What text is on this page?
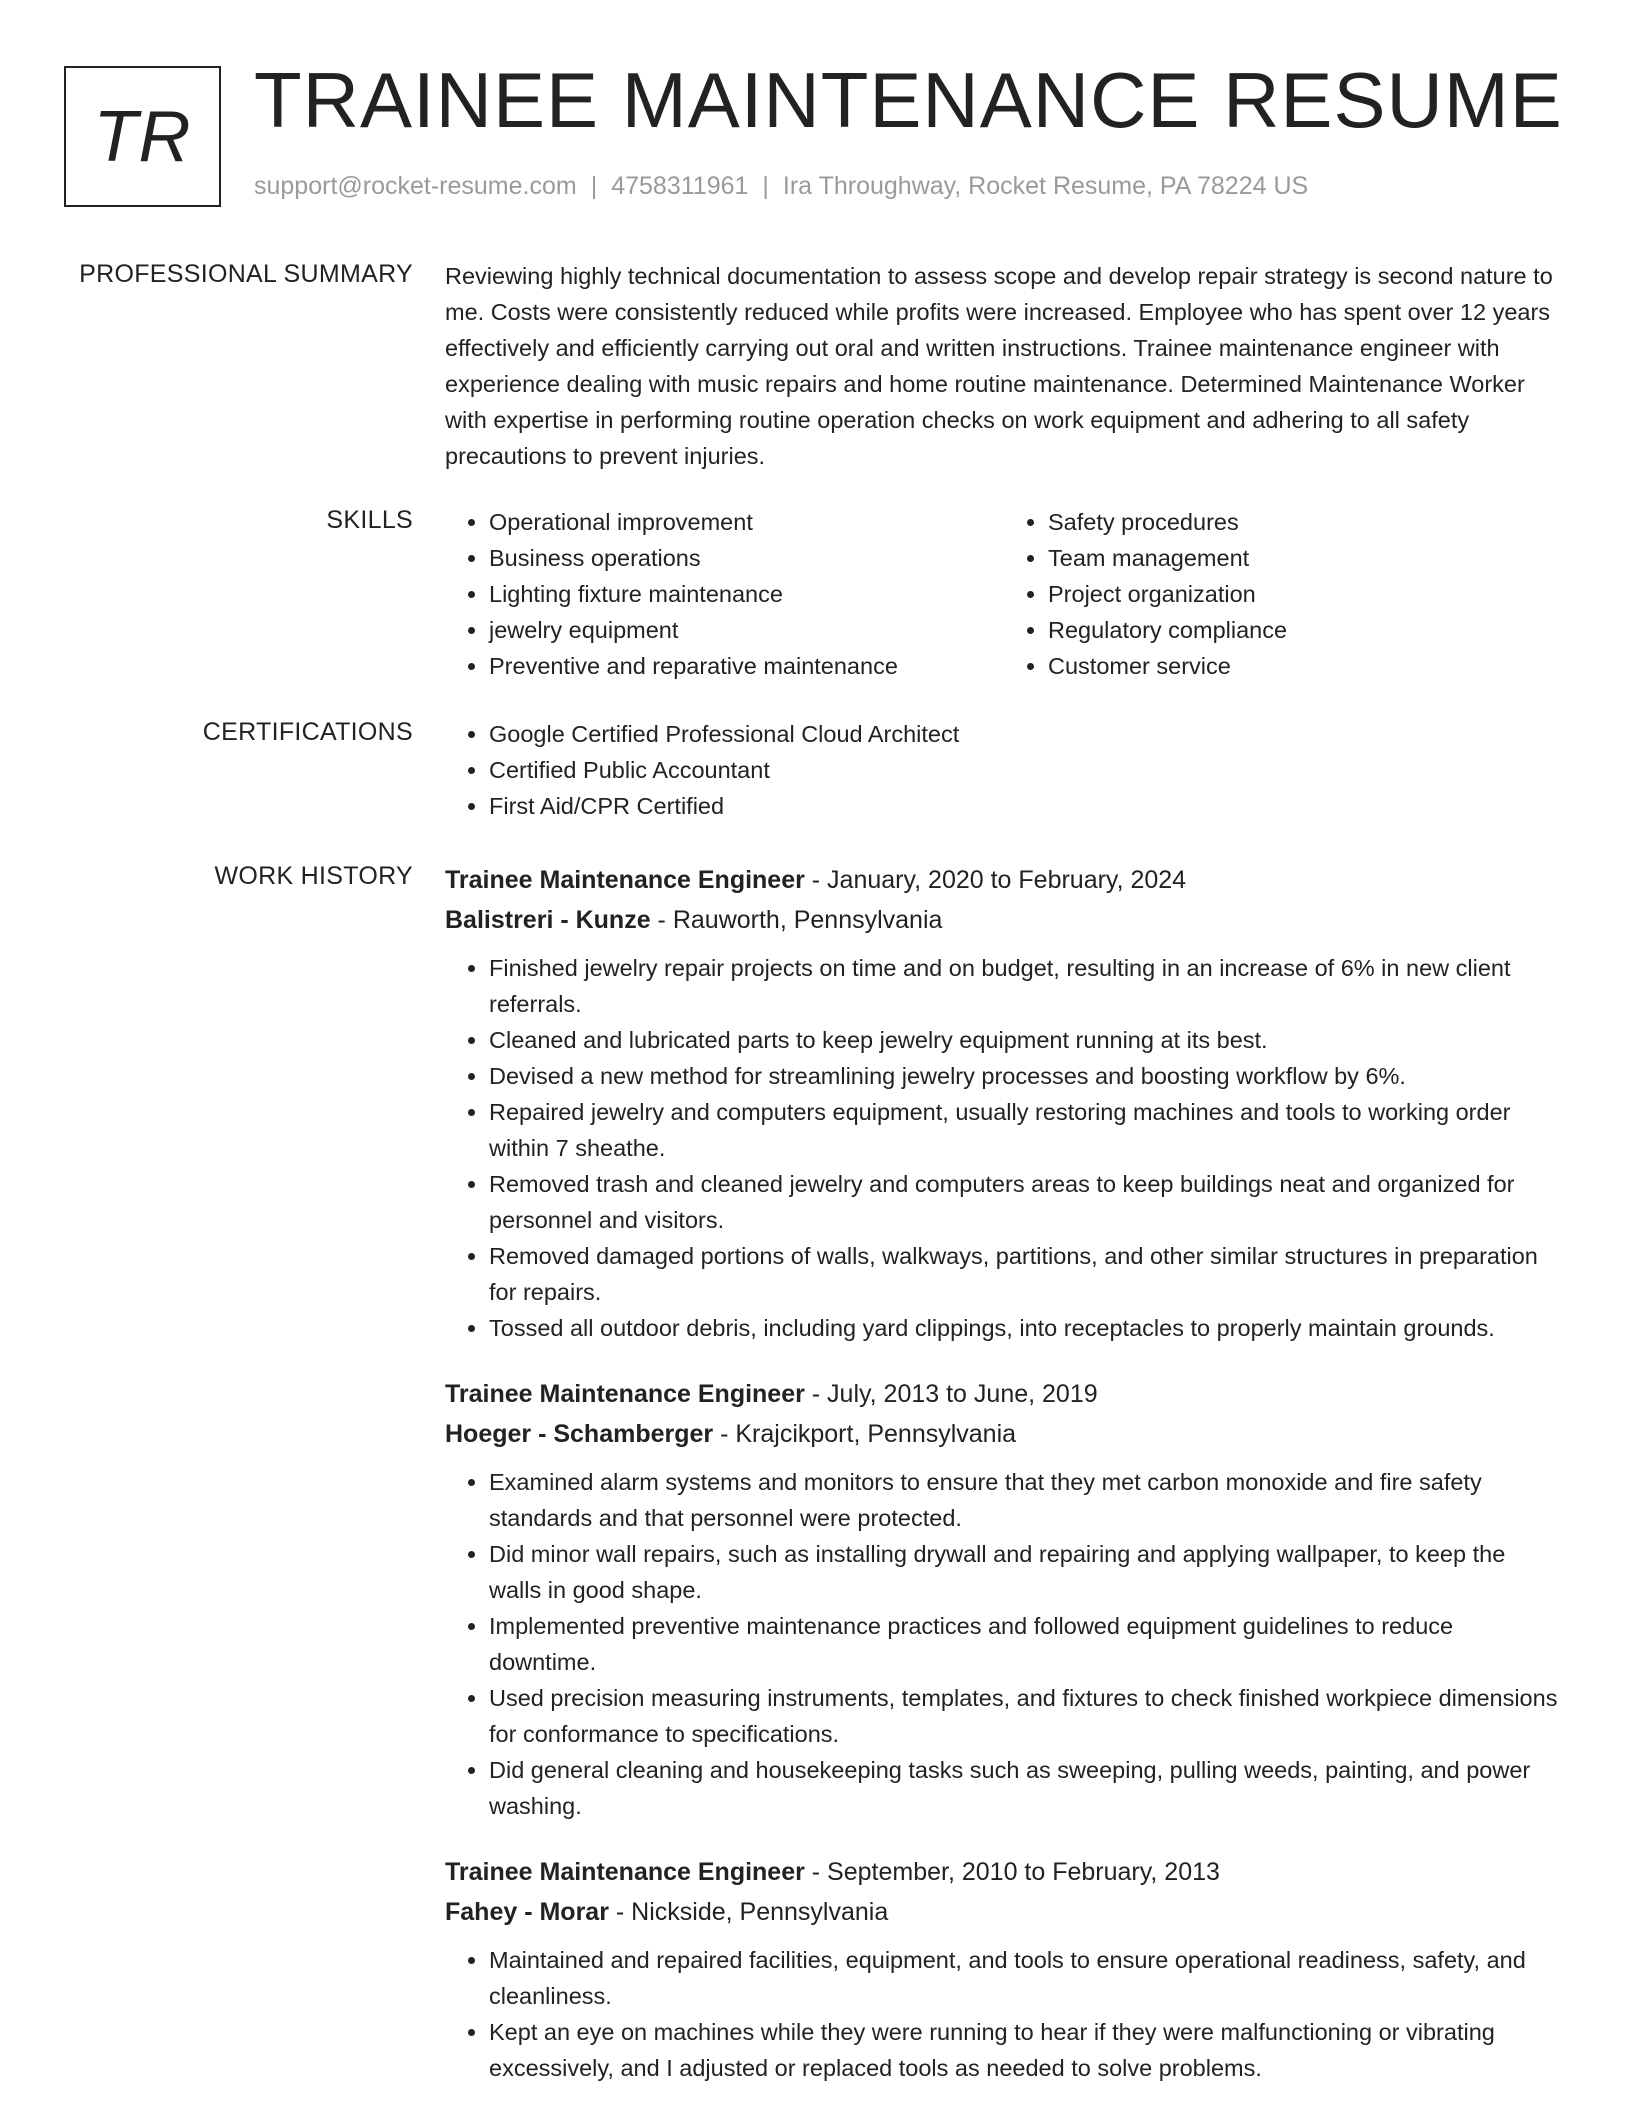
TR TRAINEE MAINTENANCE RESUME
support@rocket-resume.com | 4758311961 | Ira Throughway, Rocket Resume, PA 78224 US
PROFESSIONAL SUMMARY Reviewing highly technical documentation to assess scope and develop repair strategy is second nature to me. Costs were consistently reduced while profits were increased. Employee who has spent over 12 years effectively and efficiently carrying out oral and written instructions. Trainee maintenance engineer with experience dealing with music repairs and home routine maintenance. Determined Maintenance Worker with expertise in performing routine operation checks on work equipment and adhering to all safety precautions to prevent injuries.
SKILLS	• Operational improvement
• Business operations
• Lighting fixture maintenance
• jewelry equipment
• Preventive and reparative maintenance
• Safety procedures
• Team management
• Project organization
• Regulatory compliance
• Customer service
CERTIFICATIONS	• Google Certified Professional Cloud Architect
• Certified Public Accountant
• First Aid/CPR Certified
WORK HISTORY Trainee Maintenance Engineer - January, 2020 to February, 2024
Balistreri - Kunze - Rauworth, Pennsylvania
• Finished jewelry repair projects on time and on budget, resulting in an increase of 6% in new client referrals.
• Cleaned and lubricated parts to keep jewelry equipment running at its best.
• Devised a new method for streamlining jewelry processes and boosting workflow by 6%.
• Repaired jewelry and computers equipment, usually restoring machines and tools to working order within 7 sheathe.
• Removed trash and cleaned jewelry and computers areas to keep buildings neat and organized for personnel and visitors.
• Removed damaged portions of walls, walkways, partitions, and other similar structures in preparation for repairs.
• Tossed all outdoor debris, including yard clippings, into receptacles to properly maintain grounds.
Trainee Maintenance Engineer - July, 2013 to June, 2019
Hoeger - Schamberger - Krajcikport, Pennsylvania
• Examined alarm systems and monitors to ensure that they met carbon monoxide and fire safety standards and that personnel were protected.
• Did minor wall repairs, such as installing drywall and repairing and applying wallpaper, to keep the walls in good shape.
• Implemented preventive maintenance practices and followed equipment guidelines to reduce downtime.
• Used precision measuring instruments, templates, and fixtures to check finished workpiece dimensions for conformance to specifications.
• Did general cleaning and housekeeping tasks such as sweeping, pulling weeds, painting, and power washing.
Trainee Maintenance Engineer - September, 2010 to February, 2013
Fahey - Morar - Nickside, Pennsylvania
• Maintained and repaired facilities, equipment, and tools to ensure operational readiness, safety, and cleanliness.
• Kept an eye on machines while they were running to hear if they were malfunctioning or vibrating excessively, and I adjusted or replaced tools as needed to solve problems.
